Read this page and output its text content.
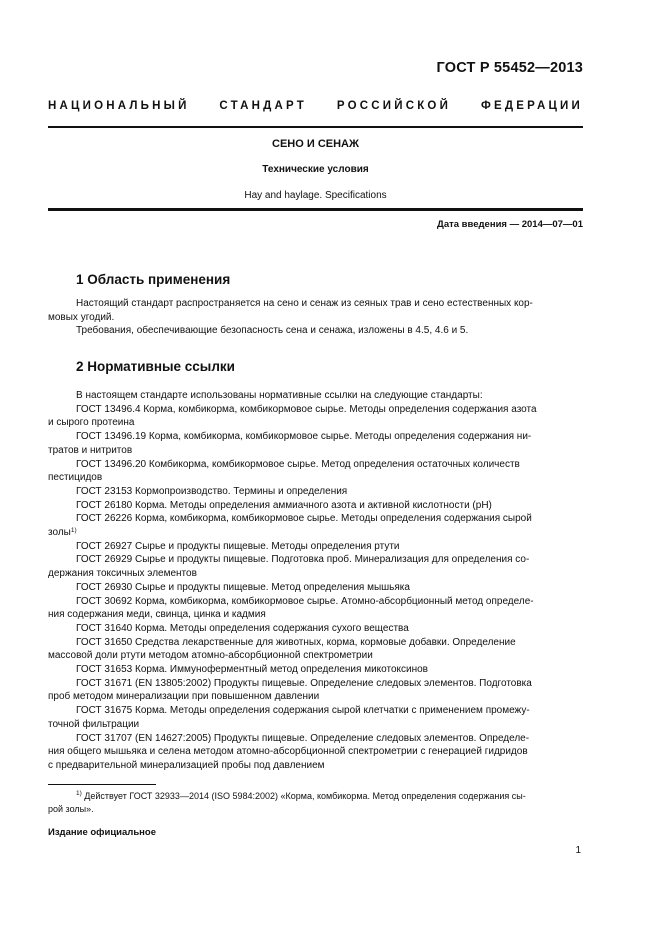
ГОСТ Р 55452—2013
НАЦИОНАЛЬНЫЙ СТАНДАРТ РОССИЙСКОЙ ФЕДЕРАЦИИ
СЕНО И СЕНАЖ
Технические условия
Hay and haylage. Specifications
Дата введения — 2014—07—01
1 Область применения
Настоящий стандарт распространяется на сено и сенаж из сеяных трав и сено естественных кор-

мовых угодий.
Требования, обеспечивающие безопасность сена и сенажа, изложены в 4.5, 4.6 и 5.
2 Нормативные ссылки
В настоящем стандарте использованы нормативные ссылки на следующие стандарты:
ГОСТ 13496.4 Корма, комбикорма, комбикормовое сырье. Методы определения содержания азота

и сырого протеина
ГОСТ 13496.19 Корма, комбикорма, комбикормовое сырье. Методы определения содержания ни-

тратов и нитритов
ГОСТ 13496.20 Комбикорма, комбикормовое сырье. Метод определения остаточных количеств

пестицидов
ГОСТ 23153 Кормопроизводство. Термины и определения
ГОСТ 26180 Корма. Методы определения аммиачного азота и активной кислотности (рН)
ГОСТ 26226 Корма, комбикорма, комбикормовое сырье. Методы определения содержания сырой

золы$^{1)}$
ГОСТ 26927 Сырье и продукты пищевые. Методы определения ртути
ГОСТ 26929 Сырье и продукты пищевые. Подготовка проб. Минерализация для определения со-

держания токсичных элементов
ГОСТ 26930 Сырье и продукты пищевые. Метод определения мышьяка
ГОСТ 30692 Корма, комбикорма, комбикормовое сырье. Атомно-абсорбционный метод определе-

ния содержания меди, свинца, цинка и кадмия
ГОСТ 31640 Корма. Методы определения содержания сухого вещества
ГОСТ 31650 Средства лекарственные для животных, корма, кормовые добавки. Определение

массовой доли ртути методом атомно-абсорбционной спектрометрии
ГОСТ 31653 Корма. Иммуноферментный метод определения микотоксинов
ГОСТ 31671 (EN 13805:2002) Продукты пищевые. Определение следовых элементов. Подготовка

проб методом минерализации при повышенном давлении
ГОСТ 31675 Корма. Методы определения содержания сырой клетчатки с применением промежу-

точной фильтрации
ГОСТ 31707 (EN 14627:2005) Продукты пищевые. Определение следовых элементов. Определе-

ния общего мышьяка и селена методом атомно-абсорбционной спектрометрии с генерацией гидридов
с предварительной минерализацией пробы под давлением
$^{1)}$ Действует ГОСТ 32933—2014 (ISO 5984:2002) «Корма, комбикорма. Метод определения содержания сы-
рой золы».
Издание официальное
1
